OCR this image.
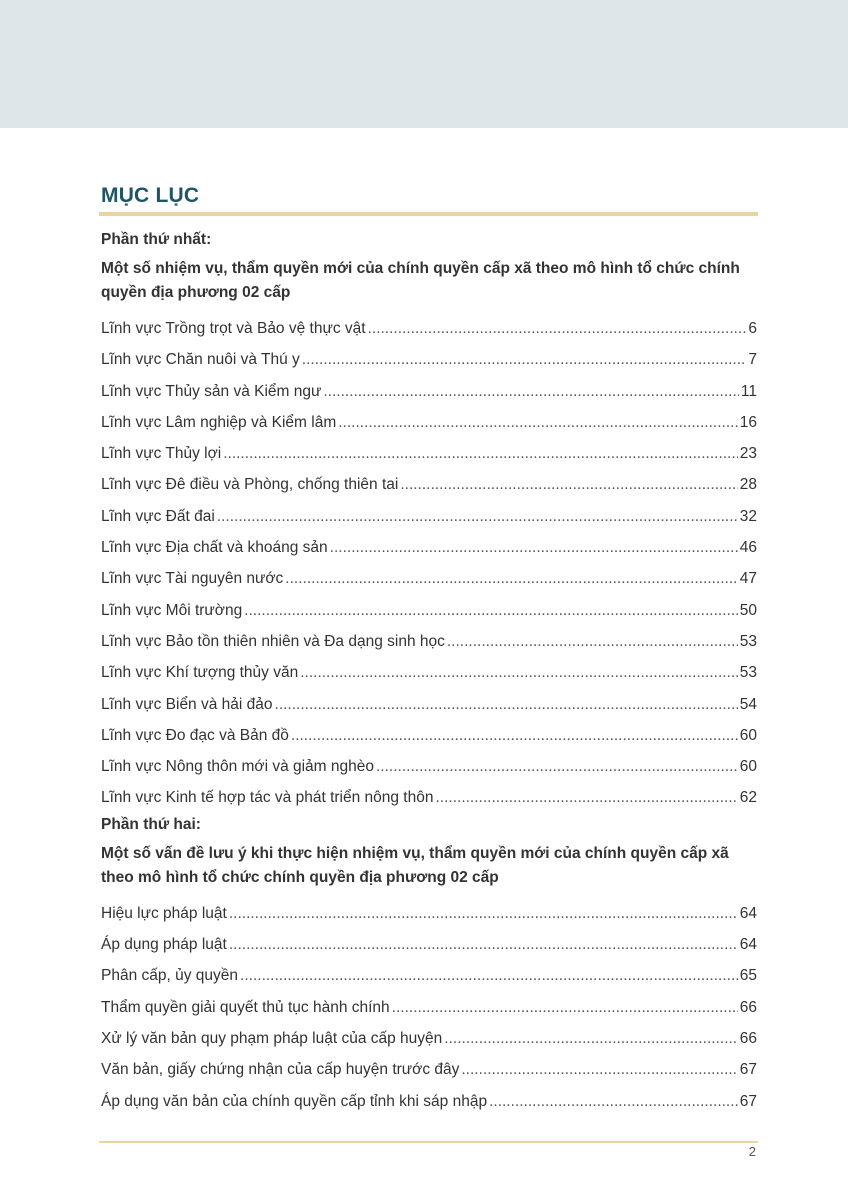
MỤC LỤC
Phần thứ nhất:
Một số nhiệm vụ, thẩm quyền mới của chính quyền cấp xã theo mô hình tổ chức chính quyền địa phương 02 cấp
Lĩnh vực Trồng trọt và Bảo vệ thực vật .....	6
Lĩnh vực Chăn nuôi và Thú y .....	7
Lĩnh vực Thủy sản và Kiểm ngư .....	11
Lĩnh vực Lâm nghiệp và Kiểm lâm .....	16
Lĩnh vực Thủy lợi .....	23
Lĩnh vực Đê điều và Phòng, chống thiên tai .....	28
Lĩnh vực Đất đai .....	32
Lĩnh vực Địa chất và khoáng sản .....	46
Lĩnh vực Tài nguyên nước .....	47
Lĩnh vực Môi trường .....	50
Lĩnh vực Bảo tồn thiên nhiên và Đa dạng sinh học .....	53
Lĩnh vực Khí tượng thủy văn .....	53
Lĩnh vực Biển và hải đảo .....	54
Lĩnh vực Đo đạc và Bản đồ .....	60
Lĩnh vực Nông thôn mới và giảm nghèo .....	60
Lĩnh vực Kinh tế hợp tác và phát triển nông thôn .....	62
Phần thứ hai:
Một số vấn đề lưu ý khi thực hiện nhiệm vụ, thẩm quyền mới của chính quyền cấp xã theo mô hình tổ chức chính quyền địa phương 02 cấp
Hiệu lực pháp luật .....	64
Áp dụng pháp luật .....	64
Phân cấp, ủy quyền .....	65
Thẩm quyền giải quyết thủ tục hành chính .....	66
Xử lý văn bản quy phạm pháp luật của cấp huyện .....	66
Văn bản, giấy chứng nhận của cấp huyện trước đây .....	67
Áp dụng văn bản của chính quyền cấp tỉnh khi sáp nhập .....	67
2
